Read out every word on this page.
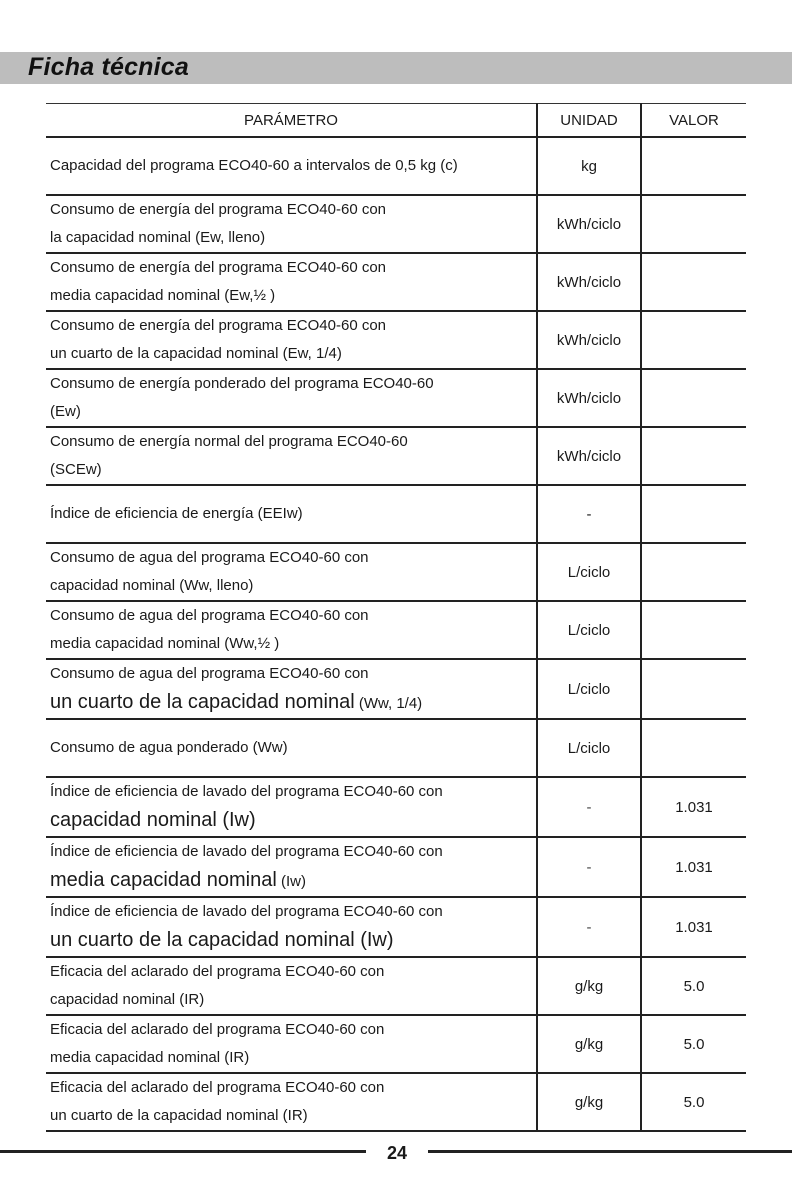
Ficha técnica
PARÁMETRO	UNIDAD	VALOR

Capacidad del programa ECO40-60 a intervalos de 0,5 kg (c)	kg	

Consumo de energía del programa ECO40-60 con
la capacidad nominal (Ew, lleno)	kWh/ciclo	

Consumo de energía del programa ECO40-60 con
media capacidad nominal (Ew,½ )	kWh/ciclo	

Consumo de energía del programa ECO40-60 con
un cuarto de la capacidad nominal (Ew, 1/4)	kWh/ciclo	

Consumo de energía ponderado del programa ECO40-60
(Ew)	kWh/ciclo	

Consumo de energía normal del programa ECO40-60
(SCEw)	kWh/ciclo	

Índice de eficiencia de energía (EEIw)	-	

Consumo de agua del programa ECO40-60 con
capacidad nominal (Ww, lleno)	L/ciclo	

Consumo de agua del programa ECO40-60 con
media capacidad nominal (Ww,½ )	L/ciclo	

Consumo de agua del programa ECO40-60 con
un cuarto de la capacidad nominal (Ww, 1/4)	L/ciclo	

Consumo de agua ponderado (Ww)	L/ciclo	

Índice de eficiencia de lavado del programa ECO40-60 con
capacidad nominal (Iw)	-	1.031

Índice de eficiencia de lavado del programa ECO40-60 con
media capacidad nominal (Iw)	-	1.031

Índice de eficiencia de lavado del programa ECO40-60 con
un cuarto de la capacidad nominal (Iw)	-	1.031

Eficacia del aclarado del programa ECO40-60 con
capacidad nominal (IR)	g/kg	5.0

Eficacia del aclarado del programa ECO40-60 con
media capacidad nominal (IR)	g/kg	5.0

Eficacia del aclarado del programa ECO40-60 con
un cuarto de la capacidad nominal (IR)	g/kg	5.0
24
